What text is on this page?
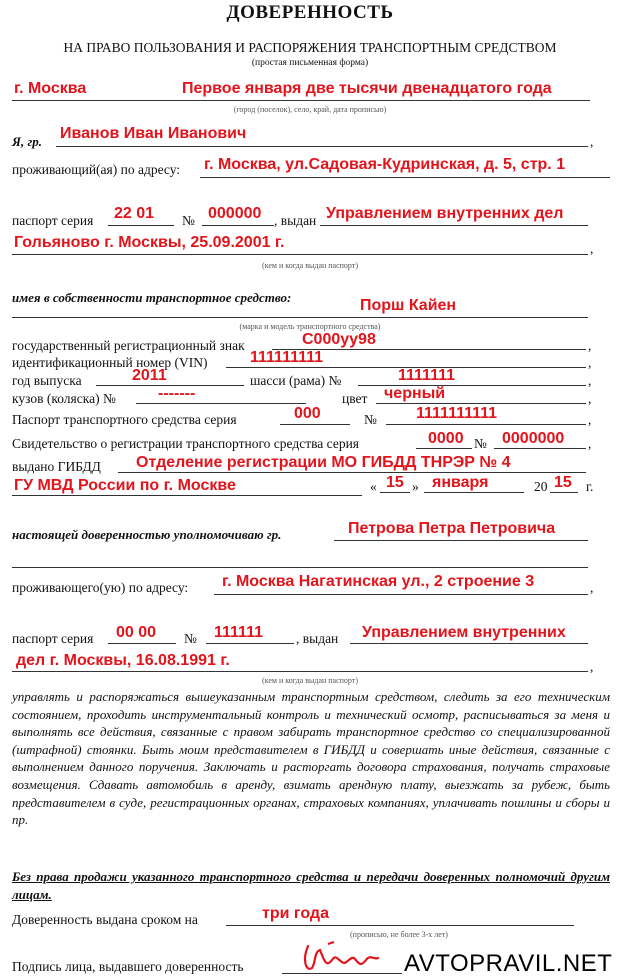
ДОВЕРЕННОСТЬ
НА ПРАВО ПОЛЬЗОВАНИЯ И РАСПОРЯЖЕНИЯ ТРАНСПОРТНЫМ СРЕДСТВОМ
(простая письменная форма)
г. Москва	Первое января две тысячи двенадцатого года
(город (поселок), село, край, дата прописью)
Я, гр. Иванов Иван Иванович	,
проживающий(ая) по адресу: г. Москва, ул.Садовая-Кудринская, д. 5, стр. 1
паспорт серия 22 01 № 000000 , выдан Управлением внутренних дел
Гольяново г. Москвы, 25.09.2001 г.	,
(кем и когда выдан паспорт)
имея в собственности транспортное средство:	Порш Кайен
(марка и модель транспортного средства)
государственный регистрационный знак	С000уу98	,
идентификационный номер (VIN)	111111111	,
год выпуска	2011	шасси (рама) №	1111111	,
кузов (коляска) №	-------	цвет черный	,
Паспорт транспортного средства серия	000	№ 1111111111	,
Свидетельство о регистрации транспортного средства серия	0000 № 0000000 ,
выдано ГИБДД Отделение регистрации МО ГИБДД ТНРЭР № 4
ГУ МВД России по г. Москве	« 15 » января	20 15 г.
настоящей доверенностью уполномочиваю гр.	Петрова Петра Петровича
проживающего(ую) по адресу: г. Москва Нагатинская ул., 2 строение 3	,
паспорт серия 00 00 № 111111 , выдан Управлением внутренних
дел г. Москвы, 16.08.1991 г.	,
(кем и когда выдан паспорт)
управлять и распоряжаться вышеуказанным транспортным средством, следить за его техническим состоянием, проходить инструментальный контроль и технический осмотр, расписываться за меня и выполнять все действия, связанные с правом забирать транспортное средство со специализированной (штрафной) стоянки. Быть моим представителем в ГИБДД и совершать иные действия, связанные с выполнением данного поручения. Заключать и расторгать договора страхования, получать страховые возмещения. Сдавать автомобиль в аренду, взимать арендную плату, выезжать за рубеж, быть представителем в суде, регистрационных органах, страховых компаниях, уплачивать пошлины и сборы и пр.
Без права продажи указанного транспортного средства и передачи доверенных полномочий другим лицам.
Доверенность выдана сроком на	три года
(прописью, не более 3-х лет)
Подпись лица, выдавшего доверенность	AVTOPRAVIL.NET
